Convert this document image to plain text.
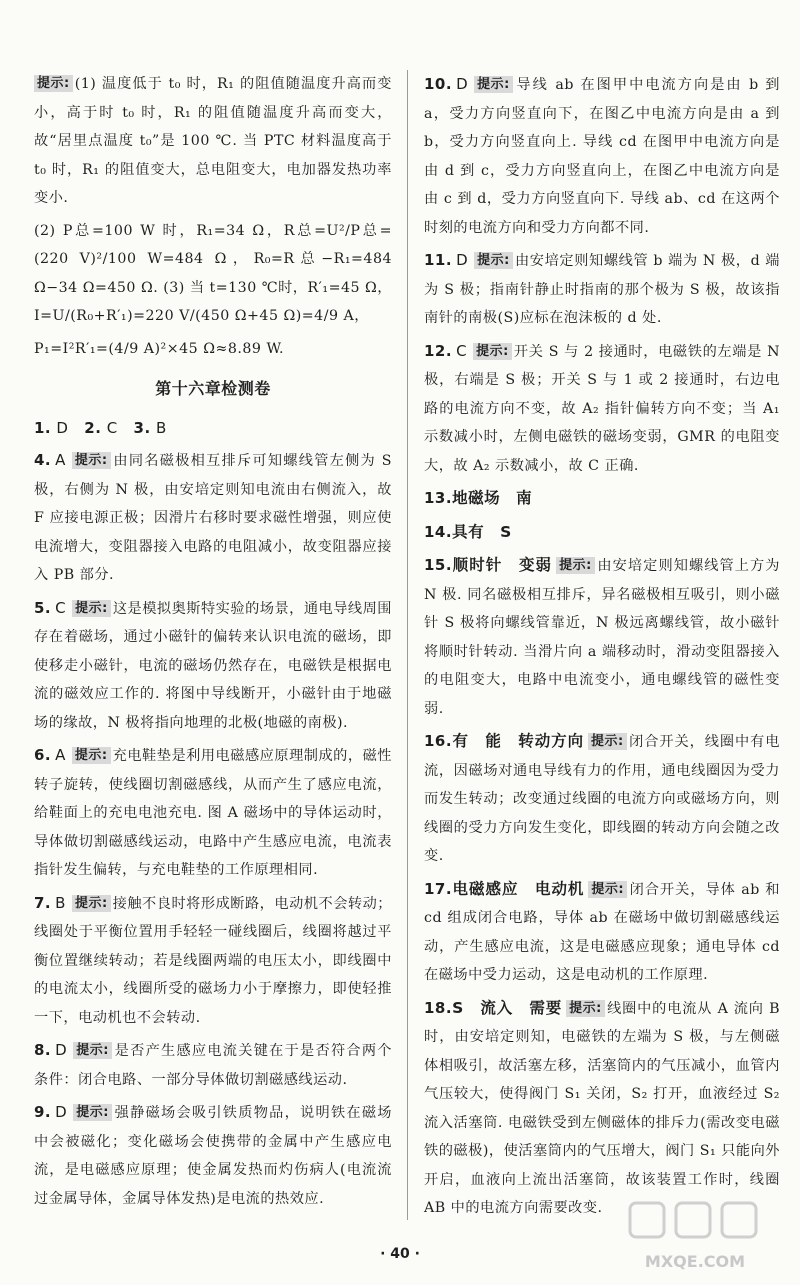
提示: (1) 温度低于 t₀ 时，R₁ 的阻值随温度升高而变小，高于时 t₀ 时，R₁ 的阻值随温度升高而变大，故“居里点温度 t₀”是 100 ℃. 当 PTC 材料温度高于 t₀ 时，R₁ 的阻值变大，总电阻变大，电加器发热功率变小.
(2) P总=100 W 时，R₁=34 Ω，R总=U²/P总=(220 V)²/100 W=484 Ω，R₀=R总−R₁=484 Ω−34 Ω=450 Ω. (3) 当 t=130 ℃时，R′₁=45 Ω，I=U/(R₀+R′₁)=220 V/(450 Ω+45 Ω)=4/9 A，
P₁=I²R′₁=(4/9 A)²×45 Ω≈8.89 W.
第十六章检测卷
1. D 2. C 3. B
4. A 提示: 由同名磁极相互排斥可知螺线管左侧为 S 极，右侧为 N 极，由安培定则知电流由右侧流入，故 F 应接电源正极；因滑片右移时要求磁性增强，则应使电流增大，变阻器接入电路的电阻减小，故变阻器应接入 PB 部分.
5. C 提示: 这是模拟奥斯特实验的场景，通电导线周围存在着磁场，通过小磁针的偏转来认识电流的磁场，即使移走小磁针，电流的磁场仍然存在，电磁铁是根据电流的磁效应工作的. 将图中导线断开，小磁针由于地磁场的缘故，N 极将指向地理的北极(地磁的南极).
6. A 提示: 充电鞋垫是利用电磁感应原理制成的，磁性转子旋转，使线圈切割磁感线，从而产生了感应电流，给鞋面上的充电电池充电. 图 A 磁场中的导体运动时，导体做切割磁感线运动，电路中产生感应电流，电流表指针发生偏转，与充电鞋垫的工作原理相同.
7. B 提示: 接触不良时将形成断路，电动机不会转动；线圈处于平衡位置用手轻轻一碰线圈后，线圈将越过平衡位置继续转动；若是线圈两端的电压太小，即线圈中的电流太小，线圈所受的磁场力小于摩擦力，即使轻推一下，电动机也不会转动.
8. D 提示: 是否产生感应电流关键在于是否符合两个条件：闭合电路、一部分导体做切割磁感线运动.
9. D 提示: 强静磁场会吸引铁质物品，说明铁在磁场中会被磁化；变化磁场会使携带的金属中产生感应电流，是电磁感应原理；使金属发热而灼伤病人(电流流过金属导体，金属导体发热)是电流的热效应.
10. D 提示: 导线 ab 在图甲中电流方向是由 b 到 a，受力方向竖直向下，在图乙中电流方向是由 a 到 b，受力方向竖直向上. 导线 cd 在图甲中电流方向是由 d 到 c，受力方向竖直向上，在图乙中电流方向是由 c 到 d，受力方向竖直向下. 导线 ab、cd 在这两个时刻的电流方向和受力方向都不同.
11. D 提示: 由安培定则知螺线管 b 端为 N 极，d 端为 S 极；指南针静止时指南的那个极为 S 极，故该指南针的南极(S)应标在泡沫板的 d 处.
12. C 提示: 开关 S 与 2 接通时，电磁铁的左端是 N 极，右端是 S 极；开关 S 与 1 或 2 接通时，右边电路的电流方向不变，故 A₂ 指针偏转方向不变；当 A₁ 示数减小时，左侧电磁铁的磁场变弱，GMR 的电阻变大，故 A₂ 示数减小，故 C 正确.
13.地磁场　南
14.具有　S
15.顺时针　变弱 提示: 由安培定则知螺线管上方为 N 极. 同名磁极相互排斥，异名磁极相互吸引，则小磁针 S 极将向螺线管靠近，N 极远离螺线管，故小磁针将顺时针转动. 当滑片向 a 端移动时，滑动变阻器接入的电阻变大，电路中电流变小，通电螺线管的磁性变弱.
16.有　能　转动方向 提示: 闭合开关，线圈中有电流，因磁场对通电导线有力的作用，通电线圈因为受力而发生转动；改变通过线圈的电流方向或磁场方向，则线圈的受力方向发生变化，即线圈的转动方向会随之改变.
17.电磁感应　电动机 提示: 闭合开关，导体 ab 和 cd 组成闭合电路，导体 ab 在磁场中做切割磁感线运动，产生感应电流，这是电磁感应现象；通电导体 cd 在磁场中受力运动，这是电动机的工作原理.
18.S　流入　需要 提示: 线圈中的电流从 A 流向 B 时，由安培定则知，电磁铁的左端为 S 极，与左侧磁体相吸引，故活塞左移，活塞筒内的气压减小，血管内气压较大，使得阀门 S₁ 关闭，S₂ 打开，血液经过 S₂ 流入活塞筒. 电磁铁受到左侧磁体的排斥力(需改变电磁铁的磁极)，使活塞筒内的气压增大，阀门 S₁ 只能向外开启，血液向上流出活塞筒，故该装置工作时，线圈 AB 中的电流方向需要改变.
· 40 ·	MXQE.COM
